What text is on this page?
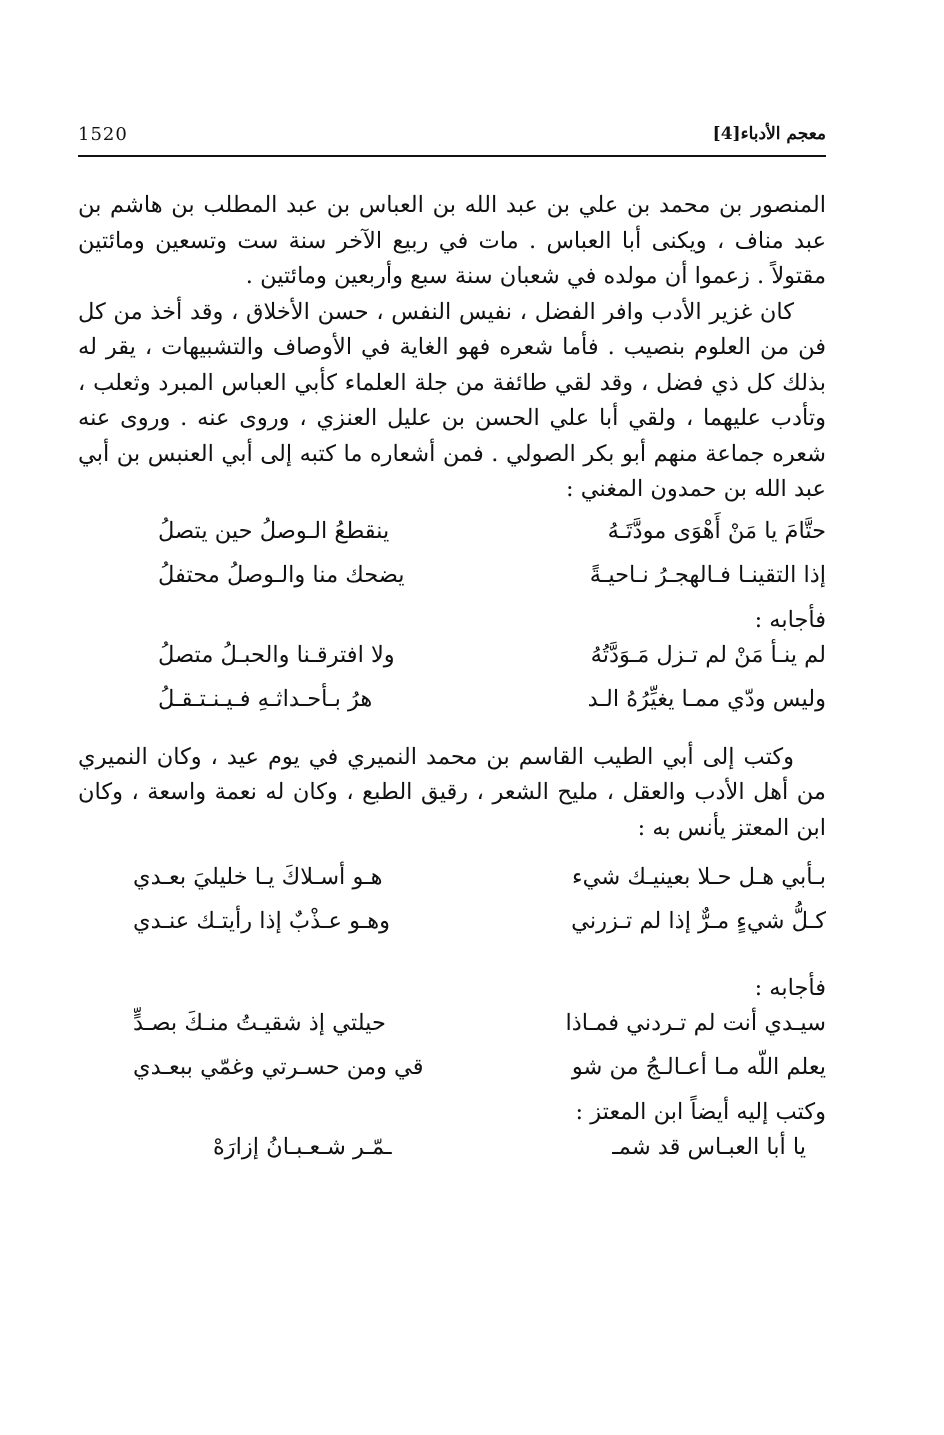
معجم الأدباء[4]
1520

المنصور بن محمد بن علي بن عبد الله بن العباس بن عبد المطلب بن هاشم بن عبد مناف ، ويكنى أبا العباس . مات في ربيع الآخر سنة ست وتسعين ومائتين مقتولاً . زعموا أن مولده في شعبان سنة سبع وأربعين ومائتين .

كان غزير الأدب وافر الفضل ، نفيس النفس ، حسن الأخلاق ، وقد أخذ من كل فن من العلوم بنصيب . فأما شعره فهو الغاية في الأوصاف والتشبيهات ، يقر له بذلك كل ذي فضل ، وقد لقي طائفة من جلة العلماء كأبي العباس المبرد وثعلب ، وتأدب عليهما ، ولقي أبا علي الحسن بن عليل العنزي ، وروى عنه . وروى عنه شعره جماعة منهم أبو بكر الصولي . فمن أشعاره ما كتبه إلى أبي العنبس بن أبي عبد الله بن حمدون المغني :

حتَّامَ يا مَنْ أَهْوَى مودَّتَـهُ
ينقطعُ الـوصلُ حين يتصلُ
إذا التقينـا فـالهجـرُ نـاحيـةً
يضحك منا والـوصلُ محتفلُ
فأجابه :
لم ينـأ مَنْ لم تـزل مَـوَدَّتُهُ
ولا افترقـنا والحبـلُ متصلُ
وليس ودّي ممـا يغيِّرُهُ الـد
هرُ بـأحـداثـهِ فـيـنـتـقـلُ

وكتب إلى أبي الطيب القاسم بن محمد النميري في يوم عيد ، وكان النميري من أهل الأدب والعقل ، مليح الشعر ، رقيق الطبع ، وكان له نعمة واسعة ، وكان ابن المعتز يأنس به :

بـأبي هـل حـلا بعينيـك شيء
هـو أسـلاكَ يـا خليليَ بعـدي
كـلُّ شيءٍ مـرٌّ إذا لم تـزرني
وهـو عـذْبٌ إذا رأيتـك عنـدي
فأجابه :
سيـدي أنت لم تـردني فمـاذا
حيلتي إذ شقيـتُ منـكَ بصـدٍّ
يعلم اللّه مـا أعـالـجُ من شو
قي ومن حسـرتي وغمّي ببعـدي
وكتب إليه أيضاً ابن المعتز :
يا أبا العبـاس قد شمـ
ـمّـر شـعـبـانُ إزارَهْ
